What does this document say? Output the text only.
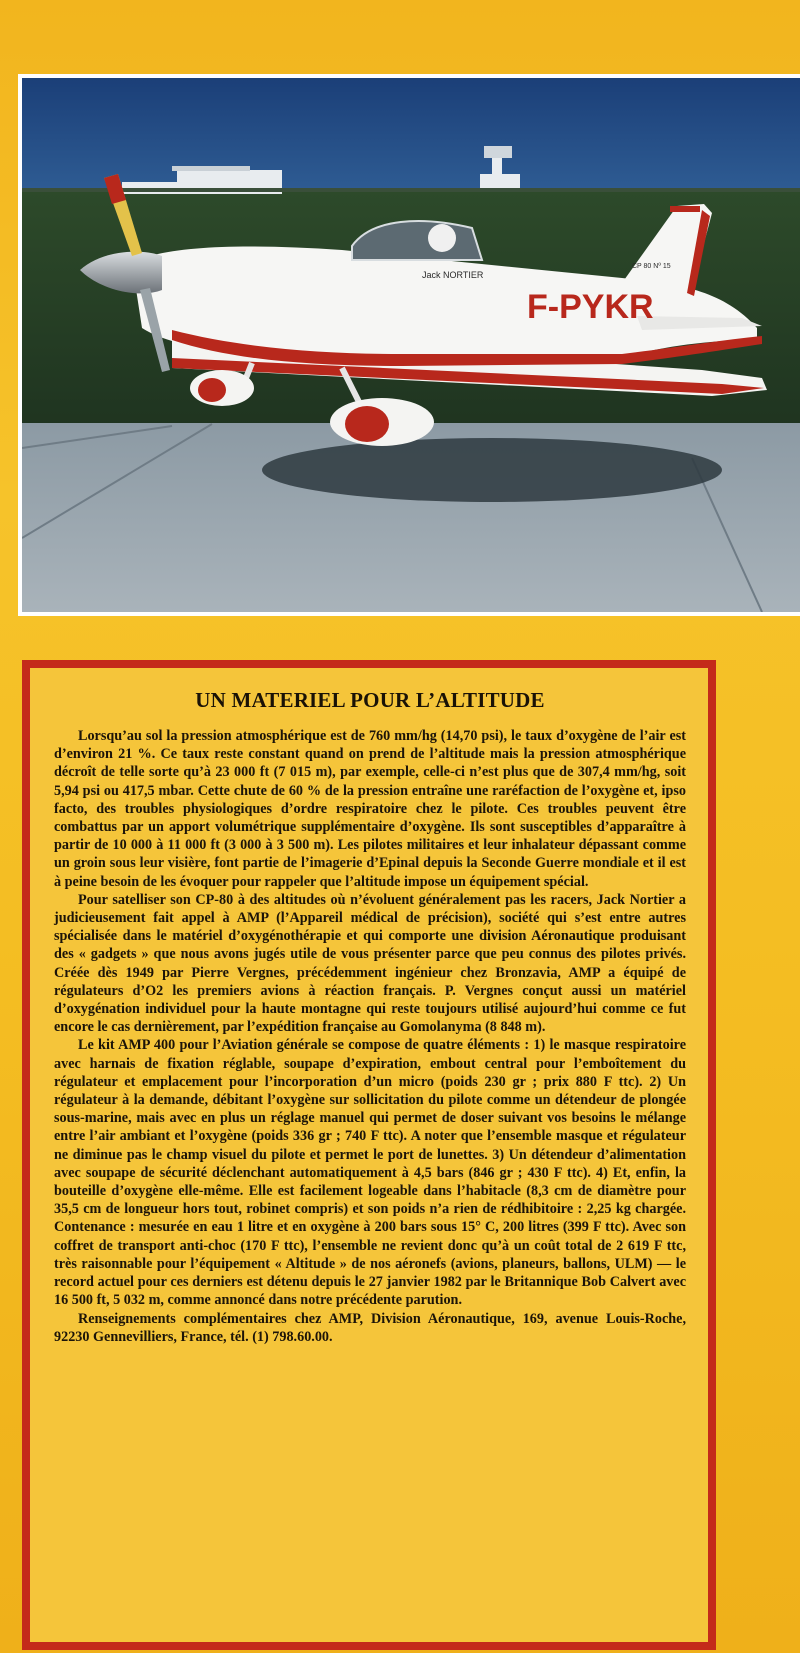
F-PYKR
Jack NORTIER
CP 80 Nº 15
UN MATERIEL POUR L’ALTITUDE

Lorsqu’au sol la pression atmosphérique est de 760 mm/hg (14,70 psi), le taux d’oxygène de l’air est d’environ 21 %. Ce taux reste constant quand on prend de l’altitude mais la pression atmosphérique décroît de telle sorte qu’à 23 000 ft (7 015 m), par exemple, celle-ci n’est plus que de 307,4 mm/hg, soit 5,94 psi ou 417,5 mbar. Cette chute de 60 % de la pression entraîne une raréfaction de l’oxygène et, ipso facto, des troubles physiologiques d’ordre respiratoire chez le pilote. Ces troubles peuvent être combattus par un apport volumétrique supplémentaire d’oxygène. Ils sont susceptibles d’apparaître à partir de 10 000 à 11 000 ft (3 000 à 3 500 m). Les pilotes militaires et leur inhalateur dépassant comme un groin sous leur visière, font partie de l’imagerie d’Epinal depuis la Seconde Guerre mondiale et il est à peine besoin de les évoquer pour rappeler que l’altitude impose un équipement spécial.

Pour satelliser son CP-80 à des altitudes où n’évoluent généralement pas les racers, Jack Nortier a judicieusement fait appel à AMP (l’Appareil médical de précision), société qui s’est entre autres spécialisée dans le matériel d’oxygénothérapie et qui comporte une division Aéronautique produisant des « gadgets » que nous avons jugés utile de vous présenter parce que peu connus des pilotes privés. Créée dès 1949 par Pierre Vergnes, précédemment ingénieur chez Bronzavia, AMP a équipé de régulateurs d’O2 les premiers avions à réaction français. P. Vergnes conçut aussi un matériel d’oxygénation individuel pour la haute montagne qui reste toujours utilisé aujourd’hui comme ce fut encore le cas dernièrement, par l’expédition française au Gomolanyma (8 848 m).

Le kit AMP 400 pour l’Aviation générale se compose de quatre éléments : 1) le masque respiratoire avec harnais de fixation réglable, soupape d’expiration, embout central pour l’emboîtement du régulateur et emplacement pour l’incorporation d’un micro (poids 230 gr ; prix 880 F ttc). 2) Un régulateur à la demande, débitant l’oxygène sur sollicitation du pilote comme un détendeur de plongée sous-marine, mais avec en plus un réglage manuel qui permet de doser suivant vos besoins le mélange entre l’air ambiant et l’oxygène (poids 336 gr ; 740 F ttc). A noter que l’ensemble masque et régulateur ne diminue pas le champ visuel du pilote et permet le port de lunettes. 3) Un détendeur d’alimentation avec soupape de sécurité déclenchant automatiquement à 4,5 bars (846 gr ; 430 F ttc). 4) Et, enfin, la bouteille d’oxygène elle-même. Elle est facilement logeable dans l’habitacle (8,3 cm de diamètre pour 35,5 cm de longueur hors tout, robinet compris) et son poids n’a rien de rédhibitoire : 2,25 kg chargée. Contenance : mesurée en eau 1 litre et en oxygène à 200 bars sous 15° C, 200 litres (399 F ttc). Avec son coffret de transport anti-choc (170 F ttc), l’ensemble ne revient donc qu’à un coût total de 2 619 F ttc, très raisonnable pour l’équipement « Altitude » de nos aéronefs (avions, planeurs, ballons, ULM) — le record actuel pour ces derniers est détenu depuis le 27 janvier 1982 par le Britannique Bob Calvert avec 16 500 ft, 5 032 m, comme annoncé dans notre précédente parution.

Renseignements complémentaires chez AMP, Division Aéronautique, 169, avenue Louis-Roche, 92230 Gennevilliers, France, tél. (1) 798.60.00.
